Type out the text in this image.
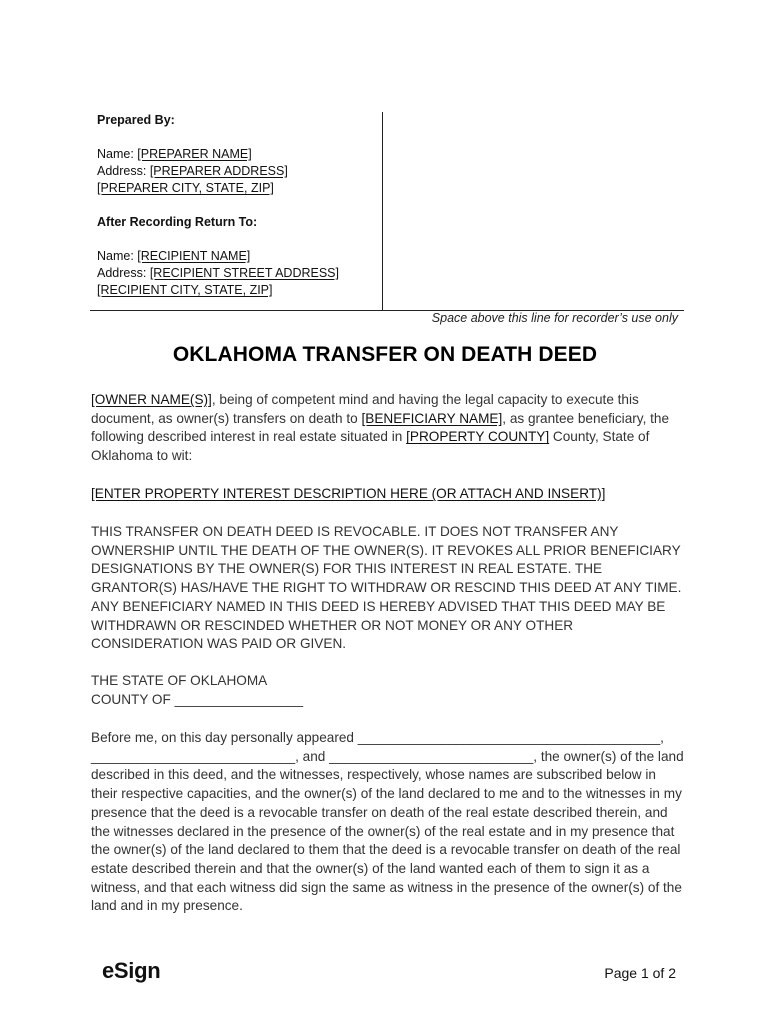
Prepared By:
Name: [PREPARER NAME]
Address: [PREPARER ADDRESS]
[PREPARER CITY, STATE, ZIP]
After Recording Return To:
Name: [RECIPIENT NAME]
Address: [RECIPIENT STREET ADDRESS]
[RECIPIENT CITY, STATE, ZIP]
Space above this line for recorder’s use only
OKLAHOMA TRANSFER ON DEATH DEED
[OWNER NAME(S)], being of competent mind and having the legal capacity to execute this document, as owner(s) transfers on death to [BENEFICIARY NAME], as grantee beneficiary, the following described interest in real estate situated in [PROPERTY COUNTY] County, State of Oklahoma to wit:
[ENTER PROPERTY INTEREST DESCRIPTION HERE (OR ATTACH AND INSERT)]
THIS TRANSFER ON DEATH DEED IS REVOCABLE. IT DOES NOT TRANSFER ANY OWNERSHIP UNTIL THE DEATH OF THE OWNER(S). IT REVOKES ALL PRIOR BENEFICIARY DESIGNATIONS BY THE OWNER(S) FOR THIS INTEREST IN REAL ESTATE. THE GRANTOR(S) HAS/HAVE THE RIGHT TO WITHDRAW OR RESCIND THIS DEED AT ANY TIME. ANY BENEFICIARY NAMED IN THIS DEED IS HEREBY ADVISED THAT THIS DEED MAY BE WITHDRAWN OR RESCINDED WHETHER OR NOT MONEY OR ANY OTHER CONSIDERATION WAS PAID OR GIVEN.
THE STATE OF OKLAHOMA
COUNTY OF _________________
Before me, on this day personally appeared ________________________________________, ___________________________, and ___________________________, the owner(s) of the land described in this deed, and the witnesses, respectively, whose names are subscribed below in their respective capacities, and the owner(s) of the land declared to me and to the witnesses in my presence that the deed is a revocable transfer on death of the real estate described therein, and the witnesses declared in the presence of the owner(s) of the real estate and in my presence that the owner(s) of the land declared to them that the deed is a revocable transfer on death of the real estate described therein and that the owner(s) of the land wanted each of them to sign it as a witness, and that each witness did sign the same as witness in the presence of the owner(s) of the land and in my presence.
eSign	Page 1 of 2
